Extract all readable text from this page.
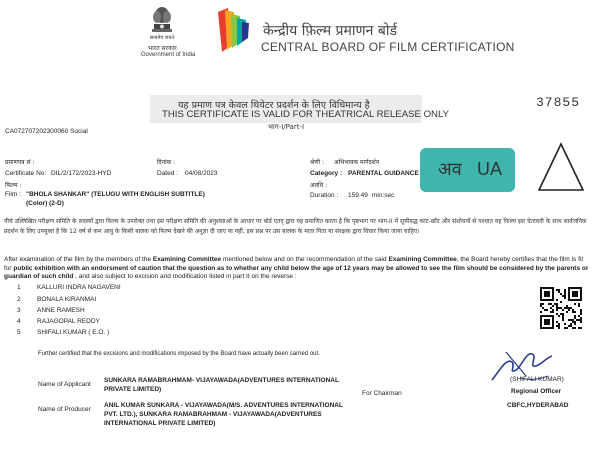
सत्यमेव जयते
भारत सरकार
Government of India
केन्द्रीय फ़िल्म प्रमाणन बोर्ड
CENTRAL BOARD OF FILM CERTIFICATION
यह प्रमाण पत्र केवल थियेटर प्रदर्शन के लिए विधिमान्य है
THIS CERTIFICATE IS VALID FOR THEATRICAL RELEASE ONLY
भाग-I/Part-I
37855
CA072707202300060 Social
प्रमाणपत्र सं :
Certificate No: DIL/2/172/2023-HYD
दिनांक :
Dated : 04/08/2023
श्रेणी : अभिभावक मार्गदर्शन
Category : PARENTAL GUIDANCE
फिल्म :
Film : "BHOLA SHANKAR" (TELUGU WITH ENGLISH SUBTITLE)
(Color) (2-D)
अवधि :
Duration : 159.49 min:sec
अव UA
नीचे उल्लिखित परीक्षण समिति के सदस्यों द्वारा फिल्म के उपरोक्त तथा इस परीक्षण समिति की अनुशंसाओं के आधार पर बोर्ड एतद् द्वारा यह प्रमाणित करता है कि पृष्ठभाग पर भाग-II में सूचीबद्ध कांट-छाँट और संशोधनों से पश्चात यह फिल्म इस चेतावनी के साथ सार्वजनिक प्रदर्शन के लिए उपयुक्त है कि 12 वर्ष से कम आयु के किसी बालक को फिल्म देखने की अनुज्ञा दी जाए या नहीं, इस प्रश्न पर उस बालक के माता पिता या संरक्षक द्वारा विचार किया जाना चाहिए।
After examination of the film by the members of the Examining Committee mentioned below and on the recommendation of the said Examining Committee, the Board hereby certifies that the film is fit for public exhibition with an endorsment of caution that the question as to whether any child below the age of 12 years may be allowed to see the film should be considered by the parents or guardian of such child , and also subject to excision and modification listed in part II on the reverse :
1	KALLURI INDRA NAGAVENI
2	BONALA KIRANMAI
3	ANNE RAMESH
4	RAJAGOPAL REDDY
5	SHIFALI KUMAR ( E.O. )
Further certified that the excisions and modifications imposed by the Board have actually been carried out.
Name of Applicant
SUNKARA RAMABRAHMAM- VIJAYAWADA(ADVENTURES INTERNATIONAL
PRIVATE LIMITED)
For Chairman
Name of Producer
ANIL KUMAR SUNKARA - VIJAYAWADA(M/S. ADVENTURES INTERNATIONAL
PVT. LTD.), SUNKARA RAMABRAHMAM - VIJAYAWADA(ADVENTURES
INTERNATIONAL PRIVATE LIMITED)
(SHIFALI KUMAR)
Regional Officer
CBFC,HYDERABAD
